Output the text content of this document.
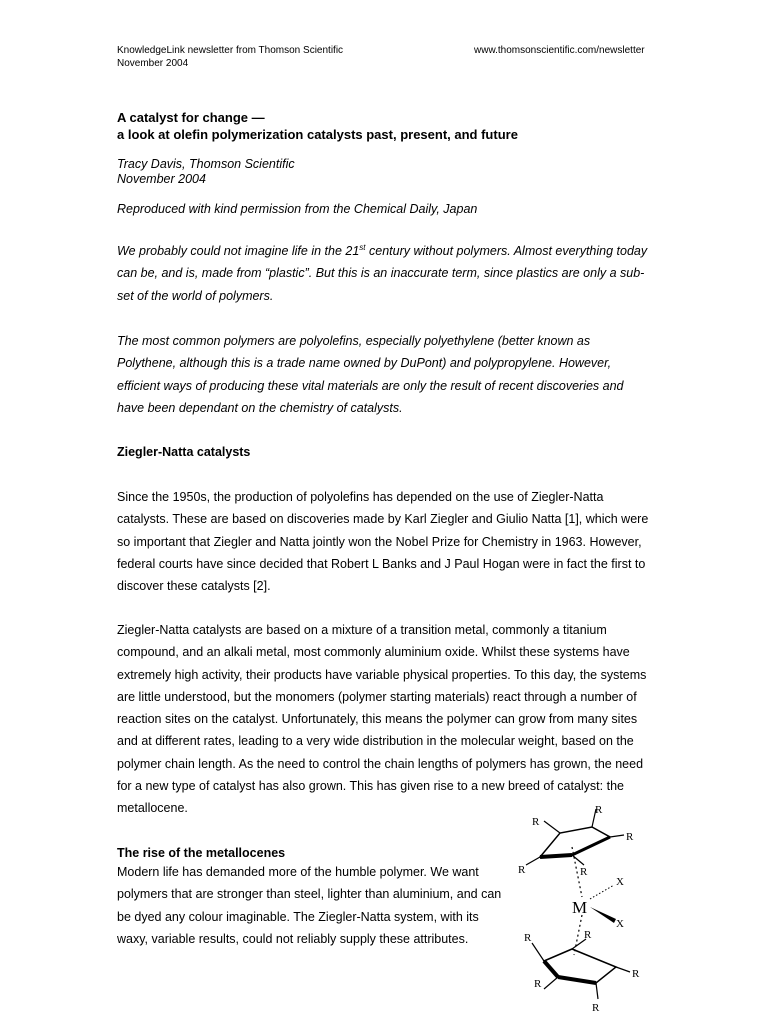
KnowledgeLink newsletter from Thomson Scientific
November 2004
www.thomsonscientific.com/newsletter
A catalyst for change —
a look at olefin polymerization catalysts past, present, and future
Tracy Davis, Thomson Scientific
November 2004
Reproduced with kind permission from the Chemical Daily, Japan

We probably could not imagine life in the 21st century without polymers. Almost everything today can be, and is, made from “plastic”. But this is an inaccurate term, since plastics are only a sub-set of the world of polymers.

The most common polymers are polyolefins, especially polyethylene (better known as Polythene, although this is a trade name owned by DuPont) and polypropylene. However, efficient ways of producing these vital materials are only the result of recent discoveries and have been dependant on the chemistry of catalysts.

Ziegler-Natta catalysts

Since the 1950s, the production of polyolefins has depended on the use of Ziegler-Natta catalysts. These are based on discoveries made by Karl Ziegler and Giulio Natta [1], which were so important that Ziegler and Natta jointly won the Nobel Prize for Chemistry in 1963. However, federal courts have since decided that Robert L Banks and J Paul Hogan were in fact the first to discover these catalysts [2].

Ziegler-Natta catalysts are based on a mixture of a transition metal, commonly a titanium compound, and an alkali metal, most commonly aluminium oxide. Whilst these systems have extremely high activity, their products have variable physical properties. To this day, the systems are little understood, but the monomers (polymer starting materials) react through a number of reaction sites on the catalyst. Unfortunately, this means the polymer can grow from many sites and at different rates, leading to a very wide distribution in the molecular weight, based on the polymer chain length. As the need to control the chain lengths of polymers has grown, the need for a new type of catalyst has also grown. This has given rise to a new breed of catalyst: the metallocene.

The rise of the metallocenes

Modern life has demanded more of the humble polymer. We want polymers that are stronger than steel, lighter than aluminium, and can be dyed any colour imaginable. The Ziegler-Natta system, with its waxy, variable results, could not reliably supply these attributes.

R
R
R
R	R
M
X
X
R	R
R
R
R
